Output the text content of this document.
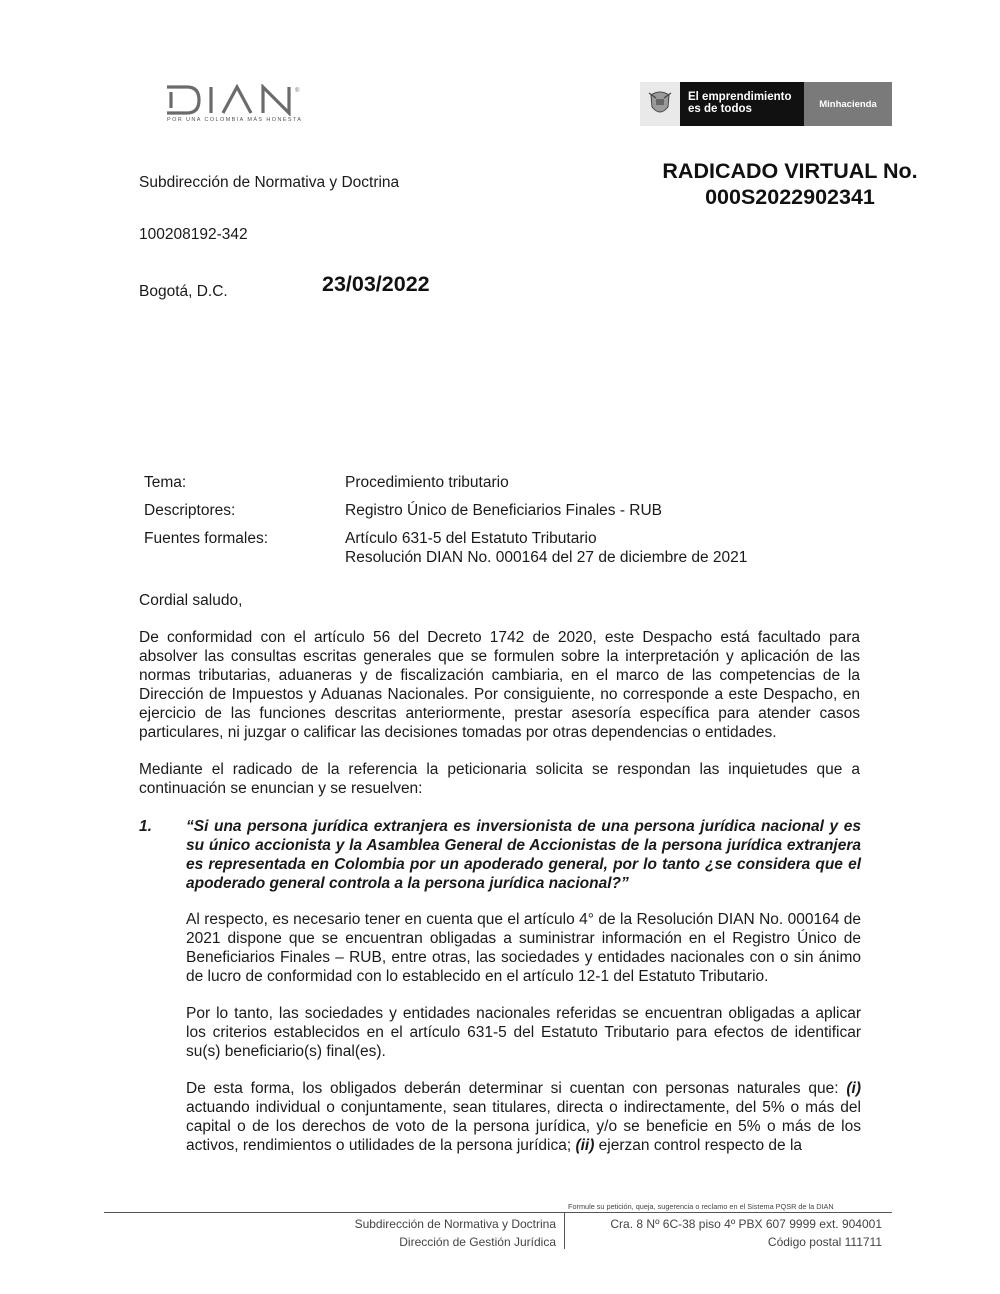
®
POR UNA COLOMBIA MÁS HONESTA
El emprendimiento
es de todos	Minhacienda
RADICADO VIRTUAL No.
000S2022902341
Subdirección de Normativa y Doctrina
100208192-342
Bogotá, D.C.	23/03/2022
Tema:	Procedimiento tributario
Descriptores:	Registro Único de Beneficiarios Finales - RUB
Fuentes formales:	Artículo 631-5 del Estatuto Tributario
Resolución DIAN No. 000164 del 27 de diciembre de 2021
Cordial saludo,
De conformidad con el artículo 56 del Decreto 1742 de 2020, este Despacho está facultado para absolver las consultas escritas generales que se formulen sobre la interpretación y aplicación de las normas tributarias, aduaneras y de fiscalización cambiaria, en el marco de las competencias de la Dirección de Impuestos y Aduanas Nacionales. Por consiguiente, no corresponde a este Despacho, en ejercicio de las funciones descritas anteriormente, prestar asesoría específica para atender casos particulares, ni juzgar o calificar las decisiones tomadas por otras dependencias o entidades.
Mediante el radicado de la referencia la peticionaria solicita se respondan las inquietudes que a continuación se enuncian y se resuelven:
1. “Si una persona jurídica extranjera es inversionista de una persona jurídica nacional y es su único accionista y la Asamblea General de Accionistas de la persona jurídica extranjera es representada en Colombia por un apoderado general, por lo tanto ¿se considera que el apoderado general controla a la persona jurídica nacional?”
Al respecto, es necesario tener en cuenta que el artículo 4° de la Resolución DIAN No. 000164 de 2021 dispone que se encuentran obligadas a suministrar información en el Registro Único de Beneficiarios Finales – RUB, entre otras, las sociedades y entidades nacionales con o sin ánimo de lucro de conformidad con lo establecido en el artículo 12-1 del Estatuto Tributario.
Por lo tanto, las sociedades y entidades nacionales referidas se encuentran obligadas a aplicar los criterios establecidos en el artículo 631-5 del Estatuto Tributario para efectos de identificar su(s) beneficiario(s) final(es).
De esta forma, los obligados deberán determinar si cuentan con personas naturales que: (i) actuando individual o conjuntamente, sean titulares, directa o indirectamente, del 5% o más del capital o de los derechos de voto de la persona jurídica, y/o se beneficie en 5% o más de los activos, rendimientos o utilidades de la persona jurídica; (ii) ejerzan control respecto de la
Formule su petición, queja, sugerencia o reclamo en el Sistema PQSR de la DIAN
Subdirección de Normativa y Doctrina
Dirección de Gestión Jurídica
Cra. 8 Nº 6C-38 piso 4º PBX 607 9999 ext. 904001
Código postal 111711
